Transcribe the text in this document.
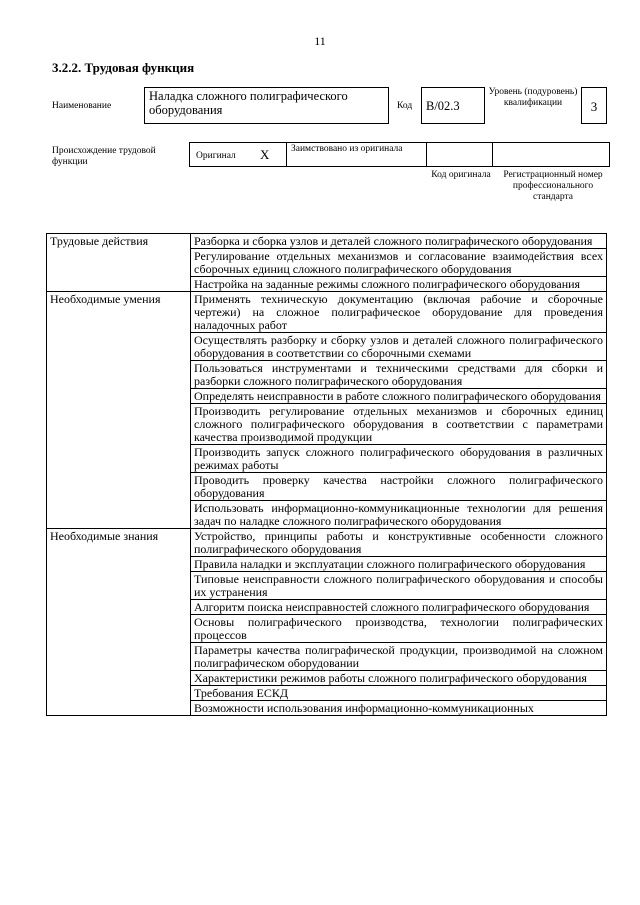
11
3.2.2. Трудовая функция
Наименование
Наладка сложного полиграфического оборудования	Код	B/02.3
Уровень (подуровень) квалификации	3
Происхождение трудовой функции
Оригинал X Заимствовано из оригинала
Код оригинала	Регистрационный номер профессионального стандарта
Трудовые действия	Разборка и сборка узлов и деталей сложного полиграфического оборудования
	Регулирование отдельных механизмов и согласование взаимодействия всех сборочных единиц сложного полиграфического оборудования
	Настройка на заданные режимы сложного полиграфического оборудования
Необходимые умения	Применять техническую документацию (включая рабочие и сборочные чертежи) на сложное полиграфическое оборудование для проведения наладочных работ
	Осуществлять разборку и сборку узлов и деталей сложного полиграфического оборудования в соответствии со сборочными схемами
	Пользоваться инструментами и техническими средствами для сборки и разборки сложного полиграфического оборудования
	Определять неисправности в работе сложного полиграфического оборудования
	Производить регулирование отдельных механизмов и сборочных единиц сложного полиграфического оборудования в соответствии с параметрами качества производимой продукции
	Производить запуск сложного полиграфического оборудования в различных режимах работы
	Проводить проверку качества настройки сложного полиграфического оборудования
	Использовать информационно-коммуникационные технологии для решения задач по наладке сложного полиграфического оборудования
Необходимые знания	Устройство, принципы работы и конструктивные особенности сложного полиграфического оборудования
	Правила наладки и эксплуатации сложного полиграфического оборудования
	Типовые неисправности сложного полиграфического оборудования и способы их устранения
	Алгоритм поиска неисправностей сложного полиграфического оборудования
	Основы полиграфического производства, технологии полиграфических процессов
	Параметры качества полиграфической продукции, производимой на сложном полиграфическом оборудовании
	Характеристики режимов работы сложного полиграфического оборудования
	Требования ЕСКД
	Возможности использования информационно-коммуникационных
